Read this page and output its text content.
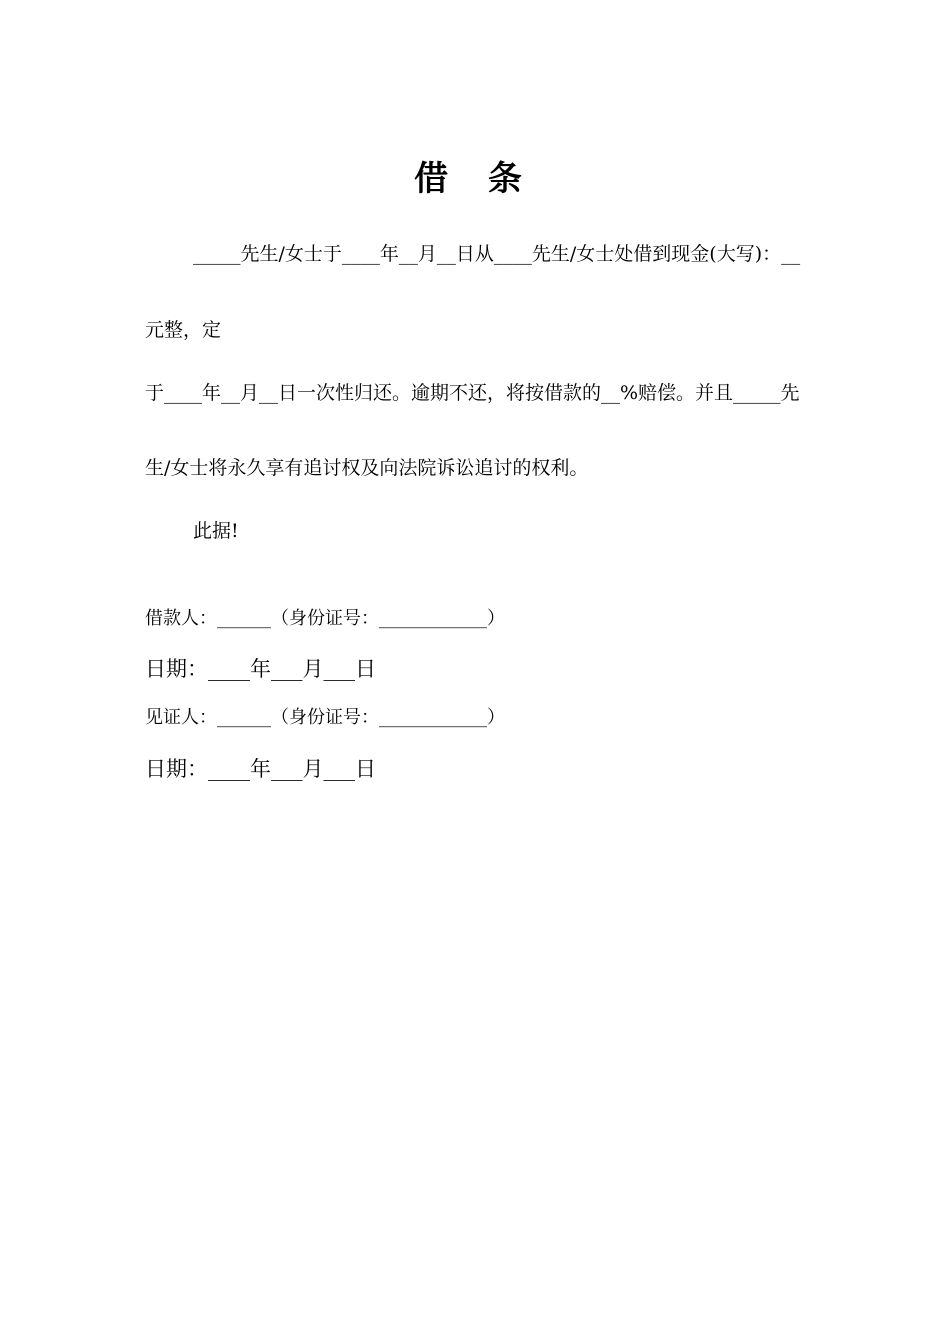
借 条
_____先生/女士于____年__月__日从____先生/女士处借到现金(大写)：__
元整，定
于____年__月__日一次性归还。逾期不还，将按借款的__%赔偿。并且_____先
生/女士将永久享有追讨权及向法院诉讼追讨的权利。
此据!
借款人：______（身份证号：____________）
日期：____年___月___日
见证人：______（身份证号：____________）
日期：____年___月___日
